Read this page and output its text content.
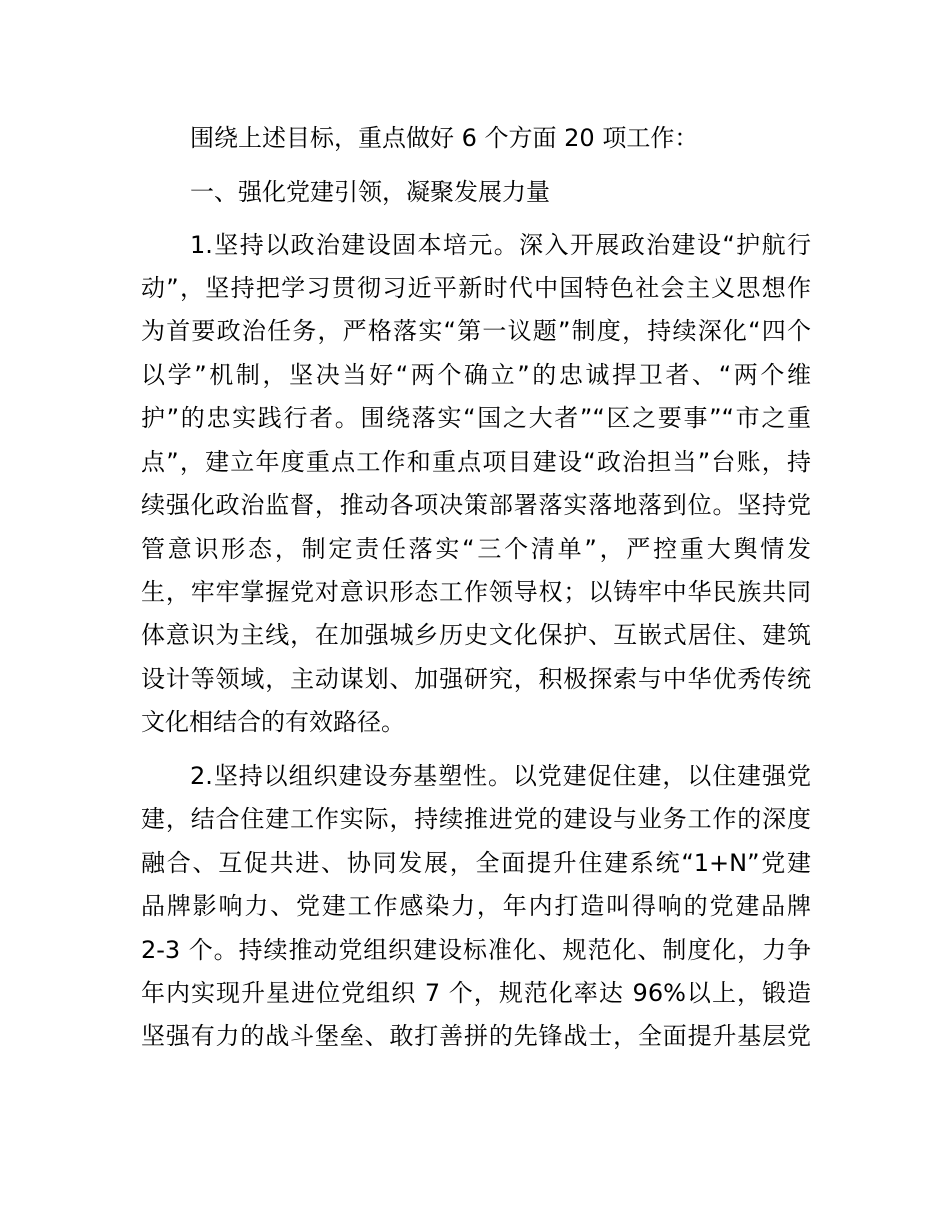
围绕上述目标，重点做好 6 个方面 20 项工作：
一、强化党建引领，凝聚发展力量
1.坚持以政治建设固本培元。深入开展政治建设“护航行
动”，坚持把学习贯彻习近平新时代中国特色社会主义思想作
为首要政治任务，严格落实“第一议题”制度，持续深化“四个
以学”机制，坚决当好“两个确立”的忠诚捍卫者、“两个维
护”的忠实践行者。围绕落实“国之大者”“区之要事”“市之重
点”，建立年度重点工作和重点项目建设“政治担当”台账，持
续强化政治监督，推动各项决策部署落实落地落到位。坚持党
管意识形态，制定责任落实“三个清单”，严控重大舆情发
生，牢牢掌握党对意识形态工作领导权；以铸牢中华民族共同
体意识为主线，在加强城乡历史文化保护、互嵌式居住、建筑
设计等领域，主动谋划、加强研究，积极探索与中华优秀传统
文化相结合的有效路径。
2.坚持以组织建设夯基塑性。以党建促住建，以住建强党
建，结合住建工作实际，持续推进党的建设与业务工作的深度
融合、互促共进、协同发展，全面提升住建系统“1+N”党建
品牌影响力、党建工作感染力，年内打造叫得响的党建品牌
2-3 个。持续推动党组织建设标准化、规范化、制度化，力争
年内实现升星进位党组织 7 个，规范化率达 96%以上，锻造
坚强有力的战斗堡垒、敢打善拼的先锋战士，全面提升基层党
